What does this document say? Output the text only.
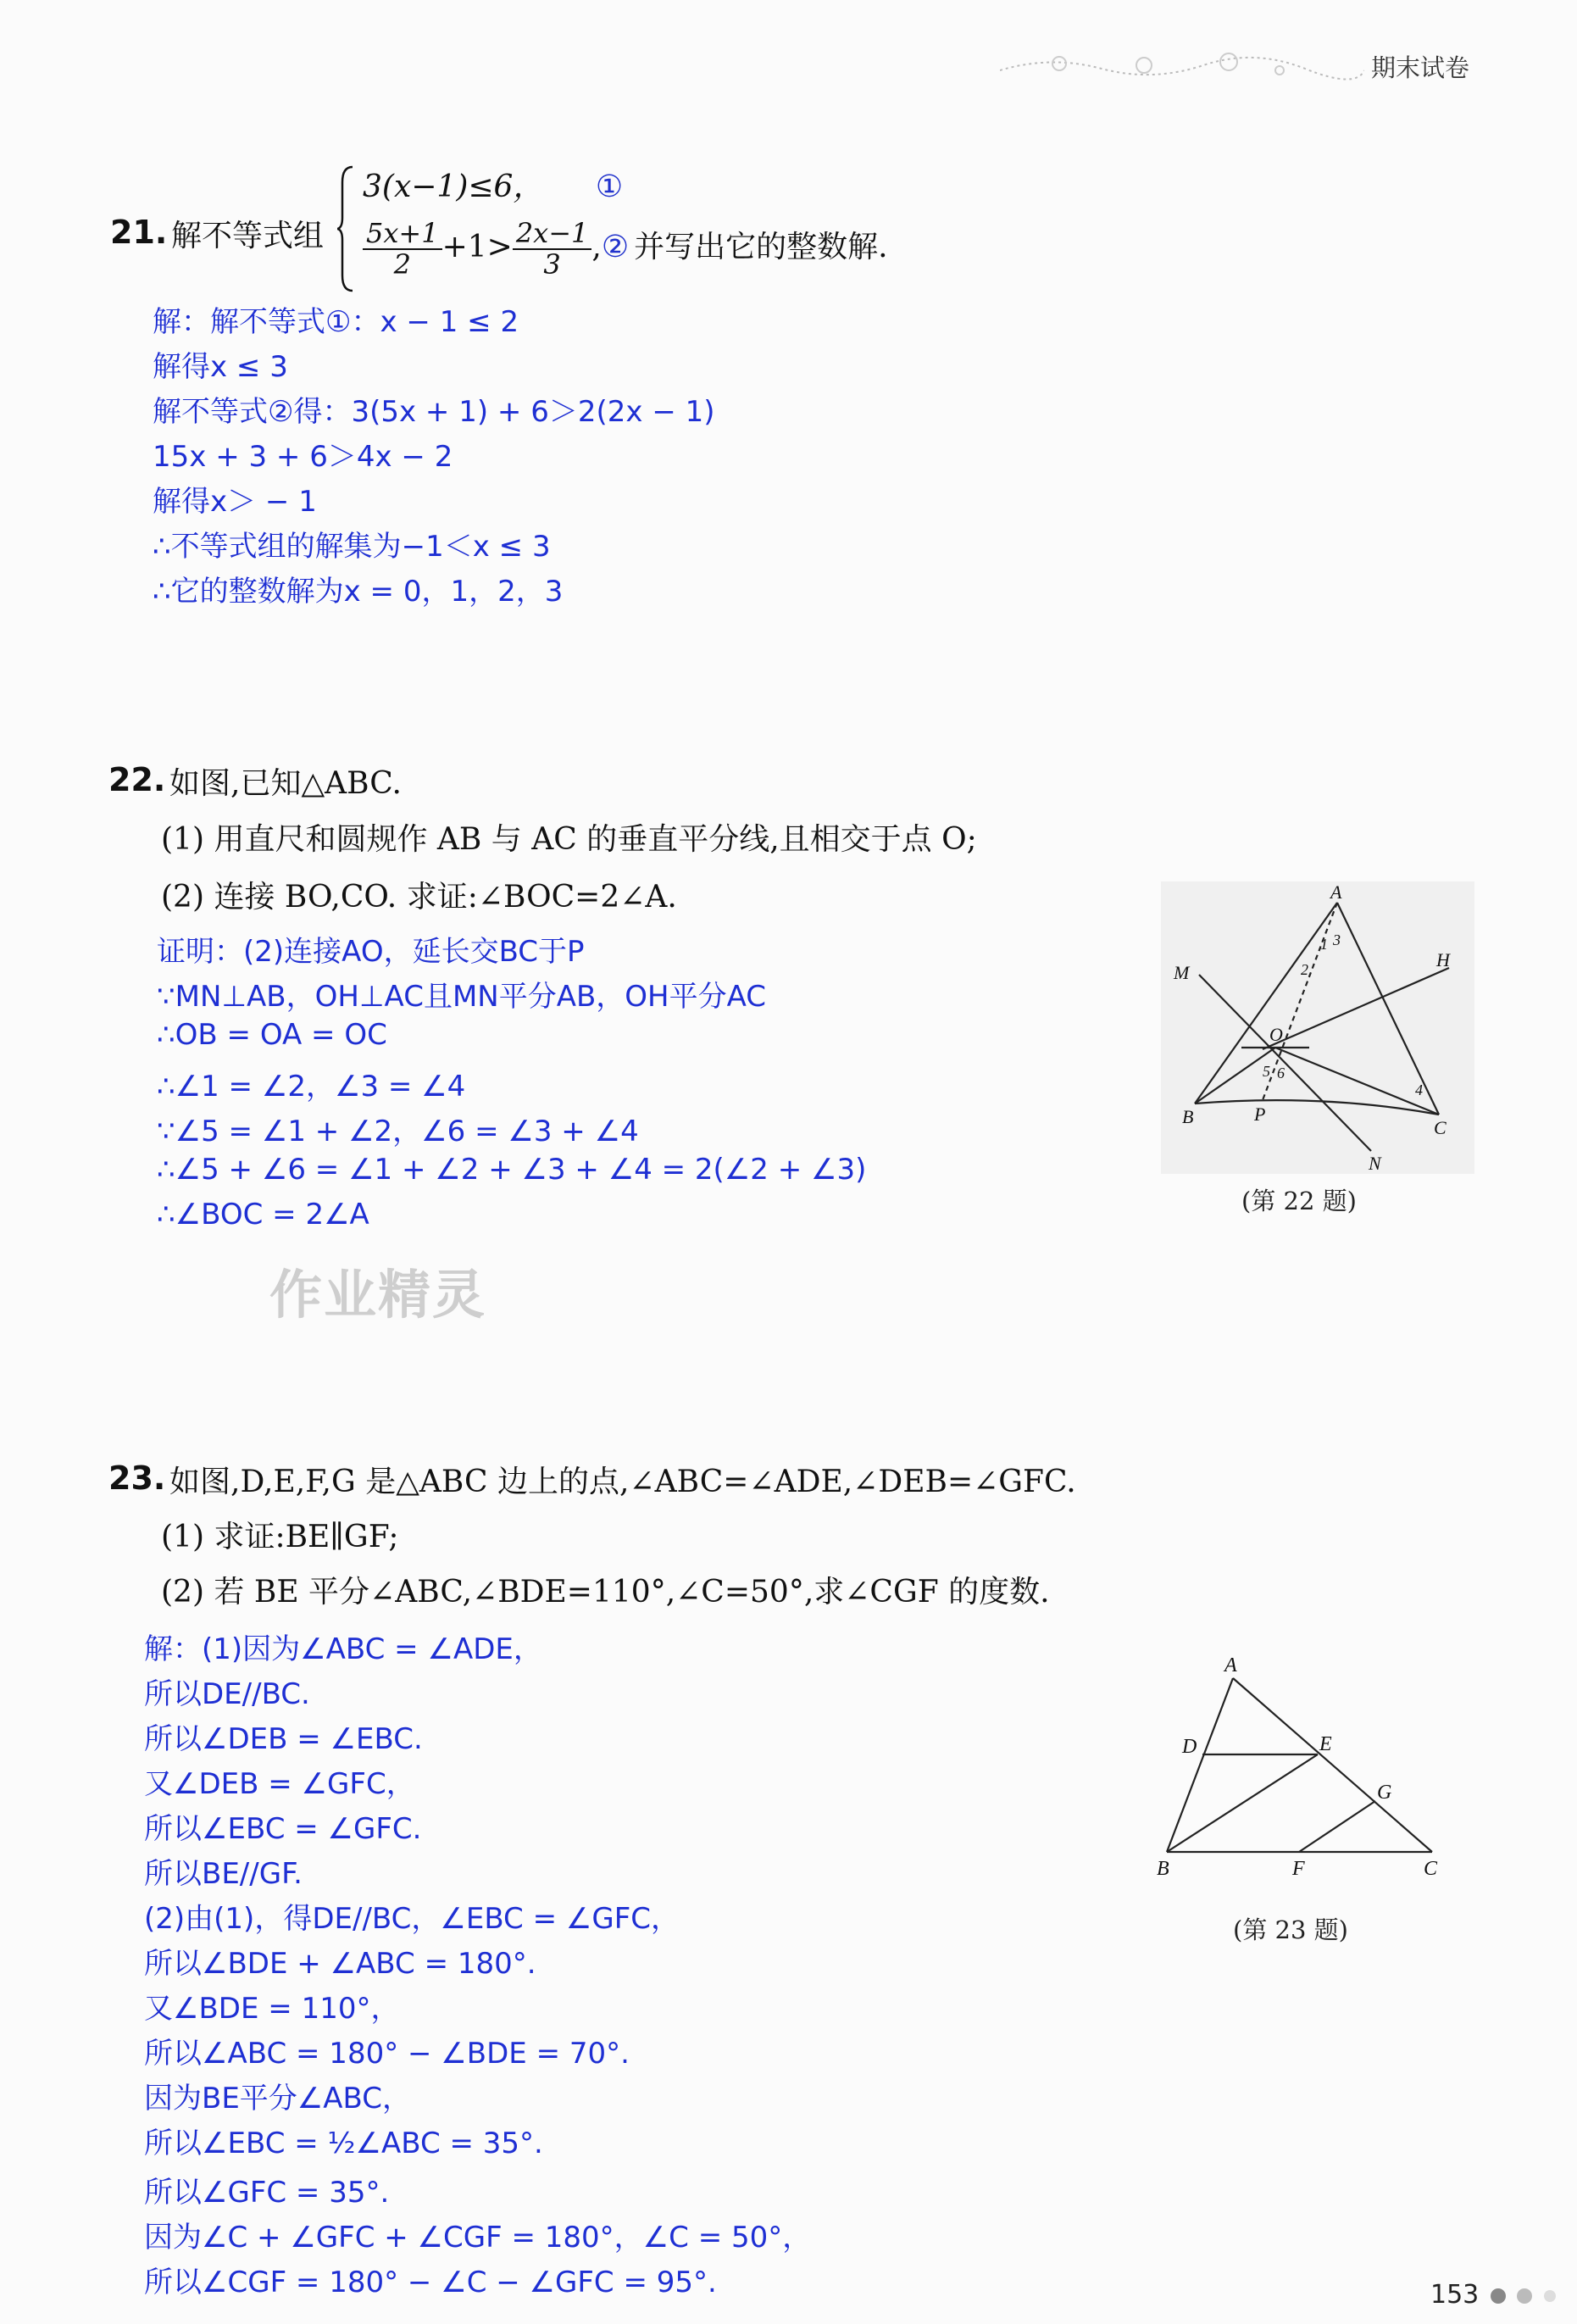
期末试卷
21. 解不等式组
3(x−1)≤6， ①
$\frac{5x+1}{2} +1> \frac{2x-1}{3}$ ,② 并写出它的整数解.
解：解不等式①：x − 1 ≤ 2
解得x ≤ 3
解不等式②得：3(5x + 1) + 6＞2(2x − 1)
15x + 3 + 6＞4x − 2
解得x＞ − 1
∴不等式组的解集为−1＜x ≤ 3
∴它的整数解为x = 0，1，2，3
22. 如图,已知△ABC.
(1) 用直尺和圆规作 AB 与 AC 的垂直平分线,且相交于点 O;
(2) 连接 BO,CO. 求证:∠BOC=2∠A.
证明：(2)连接AO，延长交BC于P
∵MN⊥AB，OH⊥AC且MN平分AB，OH平分AC
∴OB = OA = OC
∴∠1 = ∠2，∠3 = ∠4
∵∠5 = ∠1 + ∠2，∠6 = ∠3 + ∠4
∴∠5 + ∠6 = ∠1 + ∠2 + ∠3 + ∠4 = 2(∠2 + ∠3)
∴∠BOC = 2∠A
A
B
C
M
N
H
O
P
1
2
3
4
5 6
(第 22 题)
作业精灵
23. 如图,D,E,F,G 是△ABC 边上的点,∠ABC=∠ADE,∠DEB=∠GFC.
(1) 求证:BE∥GF;
(2) 若 BE 平分∠ABC,∠BDE=110°,∠C=50°,求∠CGF 的度数.
解：(1)因为∠ABC = ∠ADE，
所以DE//BC.
所以∠DEB = ∠EBC.
又∠DEB = ∠GFC，
所以∠EBC = ∠GFC.
所以BE//GF.
(2)由(1)，得DE//BC，∠EBC = ∠GFC，
所以∠BDE + ∠ABC = 180°.
又∠BDE = 110°，
所以∠ABC = 180° − ∠BDE = 70°.
因为BE平分∠ABC，
所以∠EBC = ½∠ABC = 35°.
所以∠GFC = 35°.
因为∠C + ∠GFC + ∠CGF = 180°，∠C = 50°，
所以∠CGF = 180° − ∠C − ∠GFC = 95°.
A
D	E
G
B	F	C
(第 23 题)
153
